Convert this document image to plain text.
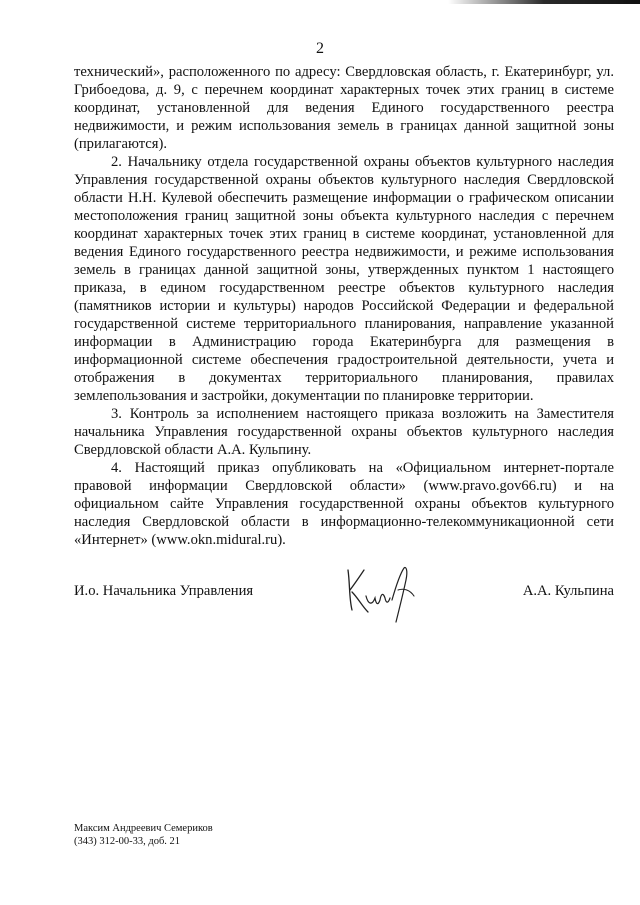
2

технический», расположенного по адресу: Свердловская область, г. Екатеринбург, ул. Грибоедова, д. 9, с перечнем координат характерных точек этих границ в системе координат, установленной для ведения Единого государственного реестра недвижимости, и режим использования земель в границах данной защитной зоны (прилагаются).

2. Начальнику отдела государственной охраны объектов культурного наследия Управления государственной охраны объектов культурного наследия Свердловской области Н.Н. Кулевой обеспечить размещение информации о графическом описании местоположения границ защитной зоны объекта культурного наследия с перечнем координат характерных точек этих границ в системе координат, установленной для ведения Единого государственного реестра недвижимости, и режиме использования земель в границах данной защитной зоны, утвержденных пунктом 1 настоящего приказа, в едином государственном реестре объектов культурного наследия (памятников истории и культуры) народов Российской Федерации и федеральной государственной системе территориального планирования, направление указанной информации в Администрацию города Екатеринбурга для размещения в информационной системе обеспечения градостроительной деятельности, учета и отображения в документах территориального планирования, правилах землепользования и застройки, документации по планировке территории.

3. Контроль за исполнением настоящего приказа возложить на Заместителя начальника Управления государственной охраны объектов культурного наследия Свердловской области А.А. Кульпину.

4. Настоящий приказ опубликовать на «Официальном интернет-портале правовой информации Свердловской области» (www.pravo.gov66.ru) и на официальном сайте Управления государственной охраны объектов культурного наследия Свердловской области в информационно-телекоммуникационной сети «Интернет» (www.okn.midural.ru).

И.о. Начальника Управления	А.А. Кульпина
Максим Андреевич Семериков
(343) 312-00-33, доб. 21
